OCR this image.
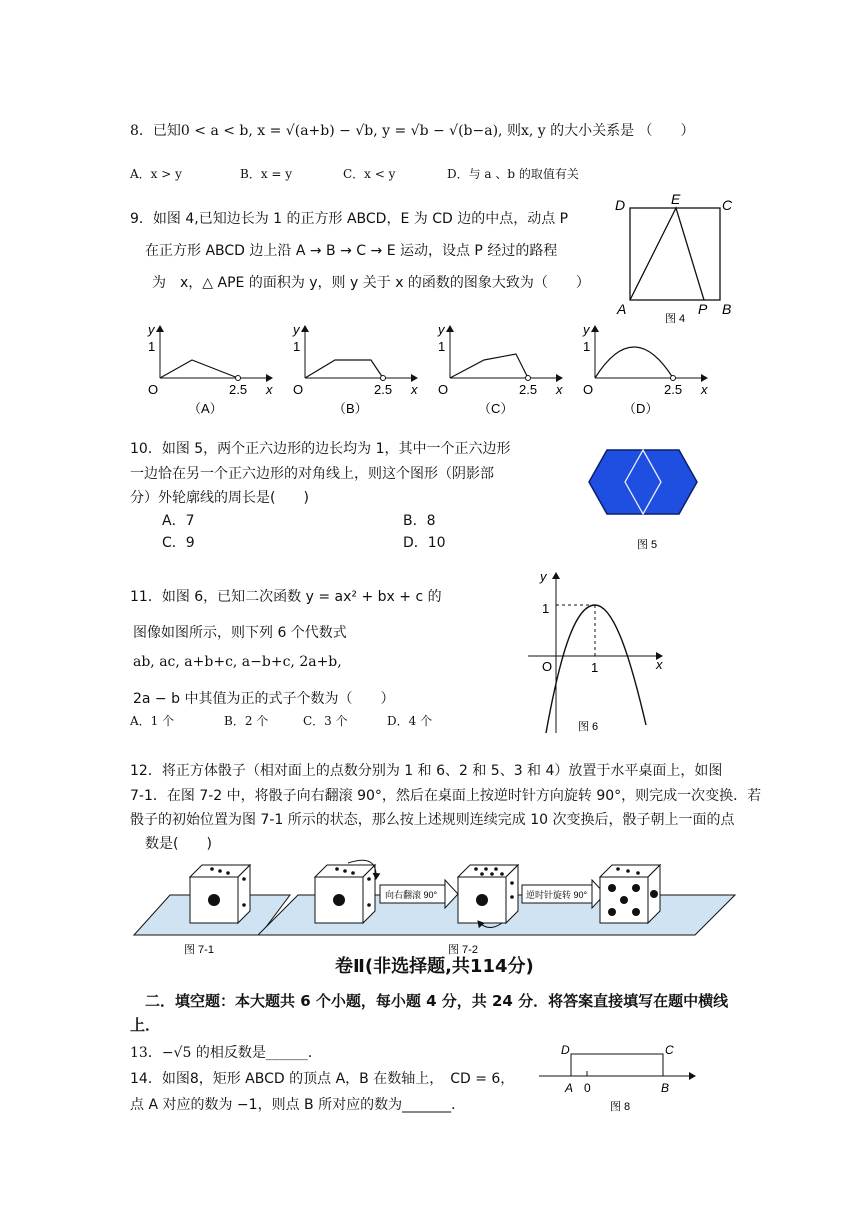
8．已知0 < a < b, x = √(a+b) − √b, y = √b − √(b−a), 则x, y 的大小关系是 （　　）
A．x > y	B．x = y	C．x < y	D．与 a 、b 的取值有关
9．如图 4,已知边长为 1 的正方形 ABCD，E 为 CD 边的中点，动点 P
在正方形 ABCD 边上沿 A → B → C → E 运动，设点 P 经过的路程
为　x，△ APE 的面积为 y，则 y 关于 x 的函数的图象大致为（　　）
D	E	C
A	P B
图 4
y
1
O	2.5 x
（A）
y
1
O	2.5 x
（B）
y
1
O	2.5 x
（C）
y
1
O	2.5 x
（D）
10．如图 5，两个正六边形的边长均为 1，其中一个正六边形
一边恰在另一个正六边形的对角线上，则这个图形（阴影部
分）外轮廓线的周长是(　　)
A．7	B．8
C．9	D．10	图 5
11．如图 6，已知二次函数 y = ax² + bx + c 的
图像如图所示，则下列 6 个代数式
ab, ac, a+b+c, a−b+c, 2a+b,
2a − b 中其值为正的式子个数为（　　）
A．1 个	B．2 个	C．3 个	D．4 个
y
1
O	1	x
图 6
12．将正方体骰子（相对面上的点数分别为 1 和 6、2 和 5、3 和 4）放置于水平桌面上，如图
7-1．在图 7-2 中，将骰子向右翻滚 90°，然后在桌面上按逆时针方向旋转 90°，则完成一次变换．若
骰子的初始位置为图 7-1 所示的状态，那么按上述规则连续完成 10 次变换后，骰子朝上一面的点
数是(　　)
向右翻滚 90°	逆时针旋转 90°
图 7-1	图 7-2
卷Ⅱ(非选择题,共114分)
二．填空题：本大题共 6 个小题，每小题 4 分，共 24 分．将答案直接填写在题中横线
上．
13．−√5 的相反数是______．
14．如图8，矩形 ABCD 的顶点 A，B 在数轴上，　CD = 6，
点 A 对应的数为 −1，则点 B 所对应的数为_______．
D	C
A 0	B
图 8
